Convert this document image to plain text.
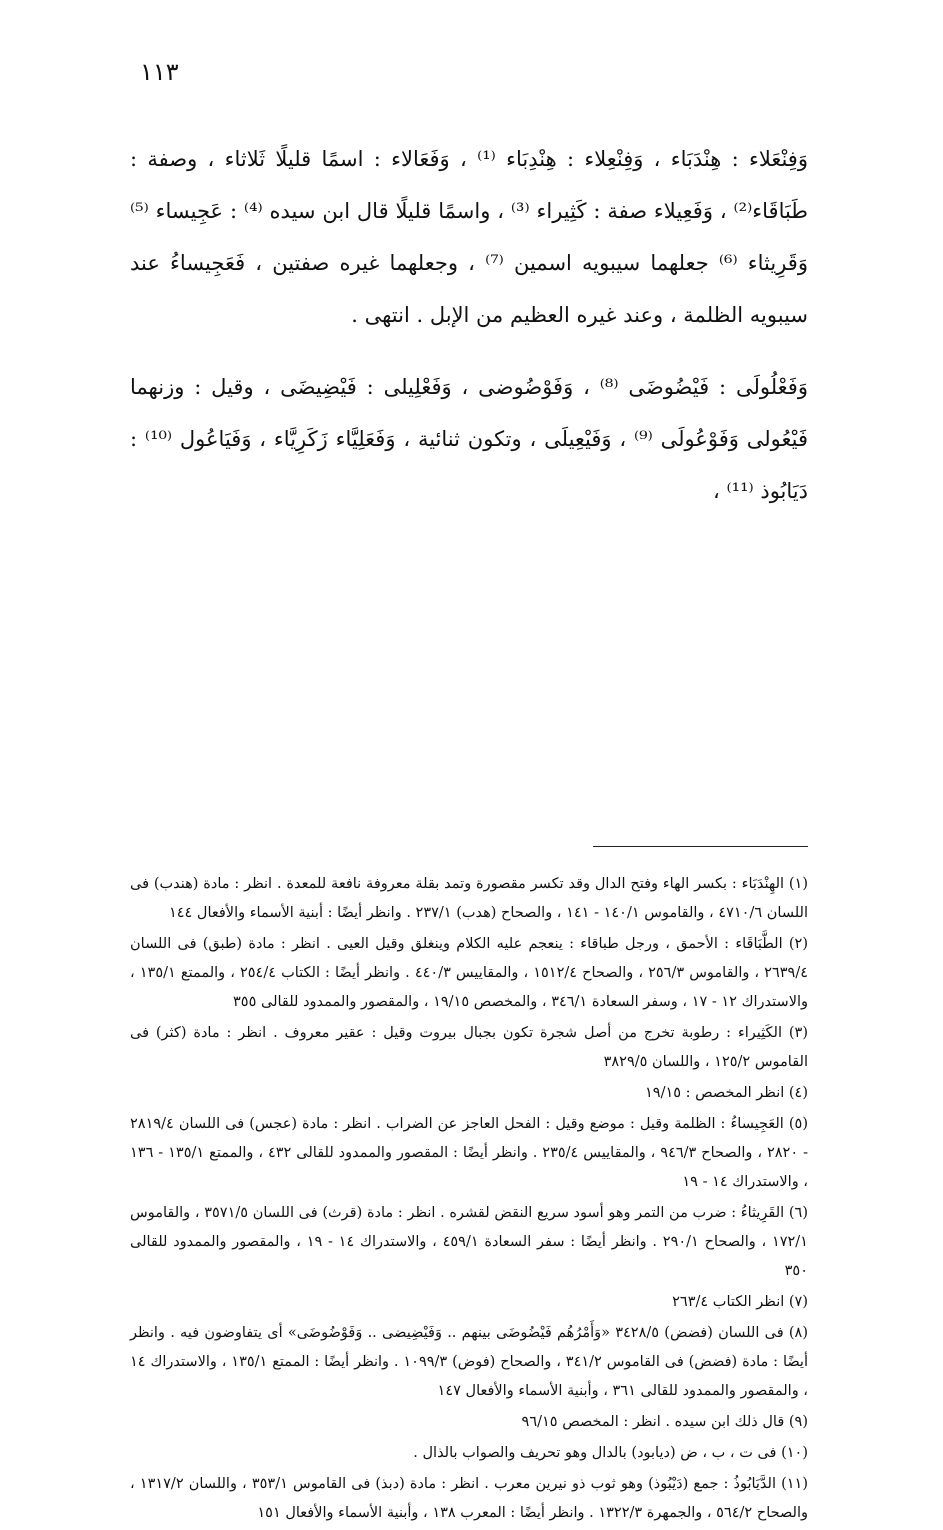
١١٣

وَفِنْعَلاء : هِنْدَبَاء ، وَفِنْعِلاء : هِنْدِبَاء ⁽¹⁾ ، وَفَعَالاء : اسمًا قليلًا ثَلاثاء ، وصفة : طَبَاقَاء⁽²⁾ ، وَفَعِيلاء صفة : كَثِيراء ⁽³⁾ ، واسمًا قليلًا قال ابن سيده ⁽⁴⁾ : عَجِيساء ⁽⁵⁾ وَقَرِيثاء ⁽⁶⁾ جعلهما سيبويه اسمين ⁽⁷⁾ ، وجعلهما غيره صفتين ، فَعَجِيساءُ عند سيبويه الظلمة ، وعند غيره العظيم من الإبل . انتهى .

وَفَعْلُولَى : فَيْضُوضَى ⁽⁸⁾ ، وَفَوْضُوضى ، وَفَعْلِيلى : فَيْضِيضَى ، وقيل : وزنهما فَيْعُولى وَفَوْعُولَى ⁽⁹⁾ ، وَفَيْعِيلَى ، وتكون ثنائية ، وَفَعَلِيَّاء زَكَرِيَّاء ، وَفَيَاعُول ⁽¹⁰⁾ : دَيَابُوذ ⁽¹¹⁾ ،

(١) الهِنْدَبَاء : بكسر الهاء وفتح الدال وقد تكسر مقصورة وتمد بقلة معروفة نافعة للمعدة . انظر : مادة (هندب) فى اللسان ٤٧١٠/٦ ، والقاموس ١٤٠/١ - ١٤١ ، والصحاح (هدب) ٢٣٧/١ . وانظر أيضًا : أبنية الأسماء والأفعال ١٤٤

(٢) الطَّبَاقَاء : الأحمق ، ورجل طباقاء : ينعجم عليه الكلام وينغلق وقيل العيى . انظر : مادة (طبق) فى اللسان ٢٦٣٩/٤ ، والقاموس ٢٥٦/٣ ، والصحاح ١٥١٢/٤ ، والمقاييس ٤٤٠/٣ . وانظر أيضًا : الكتاب ٢٥٤/٤ ، والممتع ١٣٥/١ ، والاستدراك ١٢ - ١٧ ، وسفر السعادة ٣٤٦/١ ، والمخصص ١٩/١٥ ، والمقصور والممدود للقالى ٣٥٥

(٣) الكَثِيراء : رطوبة تخرج من أصل شجرة تكون بجبال بيروت وقيل : عقير معروف . انظر : مادة (كثر) فى القاموس ١٢٥/٢ ، واللسان ٣٨٢٩/٥

(٤) انظر المخصص : ١٩/١٥

(٥) العَجِيساءُ : الظلمة وقيل : موضع وقيل : الفحل العاجز عن الضراب . انظر : مادة (عجس) فى اللسان ٢٨١٩/٤ - ٢٨٢٠ ، والصحاح ٩٤٦/٣ ، والمقاييس ٢٣٥/٤ . وانظر أيضًا : المقصور والممدود للقالى ٤٣٢ ، والممتع ١٣٥/١ - ١٣٦ ، والاستدراك ١٤ - ١٩

(٦) القَرِيثاءُ : ضرب من التمر وهو أسود سريع النقض لقشره . انظر : مادة (قرث) فى اللسان ٣٥٧١/٥ ، والقاموس ١٧٢/١ ، والصحاح ٢٩٠/١ . وانظر أيضًا : سفر السعادة ٤٥٩/١ ، والاستدراك ١٤ - ١٩ ، والمقصور والممدود للقالى ٣٥٠

(٧) انظر الكتاب ٢٦٣/٤

(٨) فى اللسان (فضض) ٣٤٢٨/٥ «وَأَمْرُهُم فَيْضُوضَى بينهم .. وَفَيْضِيضى .. وَفَوْضُوضَى» أى يتفاوضون فيه . وانظر أيضًا : مادة (فضض) فى القاموس ٣٤١/٢ ، والصحاح (فوض) ١٠٩٩/٣ . وانظر أيضًا : الممتع ١٣٥/١ ، والاستدراك ١٤ ، والمقصور والممدود للقالى ٣٦١ ، وأبنية الأسماء والأفعال ١٤٧

(٩) قال ذلك ابن سيده . انظر : المخصص ٩٦/١٥

(١٠) فى ت ، ب ، ض (ديابود) بالدال وهو تحريف والصواب بالذال .

(١١) الدَّيَابُوذُ : جمع (دَيْبُوذ) وهو ثوب ذو نيرين معرب . انظر : مادة (دبذ) فى القاموس ٣٥٣/١ ، واللسان ١٣١٧/٢ ، والصحاح ٥٦٤/٢ ، والجمهرة ١٣٢٢/٣ . وانظر أيضًا : المعرب ١٣٨ ، وأبنية الأسماء والأفعال ١٥١
